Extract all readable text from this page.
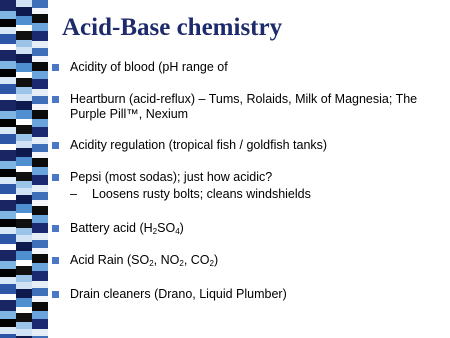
Acid-Base chemistry
Acidity of blood (pH range of
Heartburn (acid-reflux) – Tums, Rolaids, Milk of Magnesia; The Purple Pill™, Nexium
Acidity regulation (tropical fish / goldfish tanks)
Pepsi (most sodas); just how acidic?
– Loosens rusty bolts; cleans windshields
Battery acid $(H_2SO_4)$
Acid Rain ($SO_2$, $NO_2$, $CO_2$)
Drain cleaners (Drano, Liquid Plumber)
